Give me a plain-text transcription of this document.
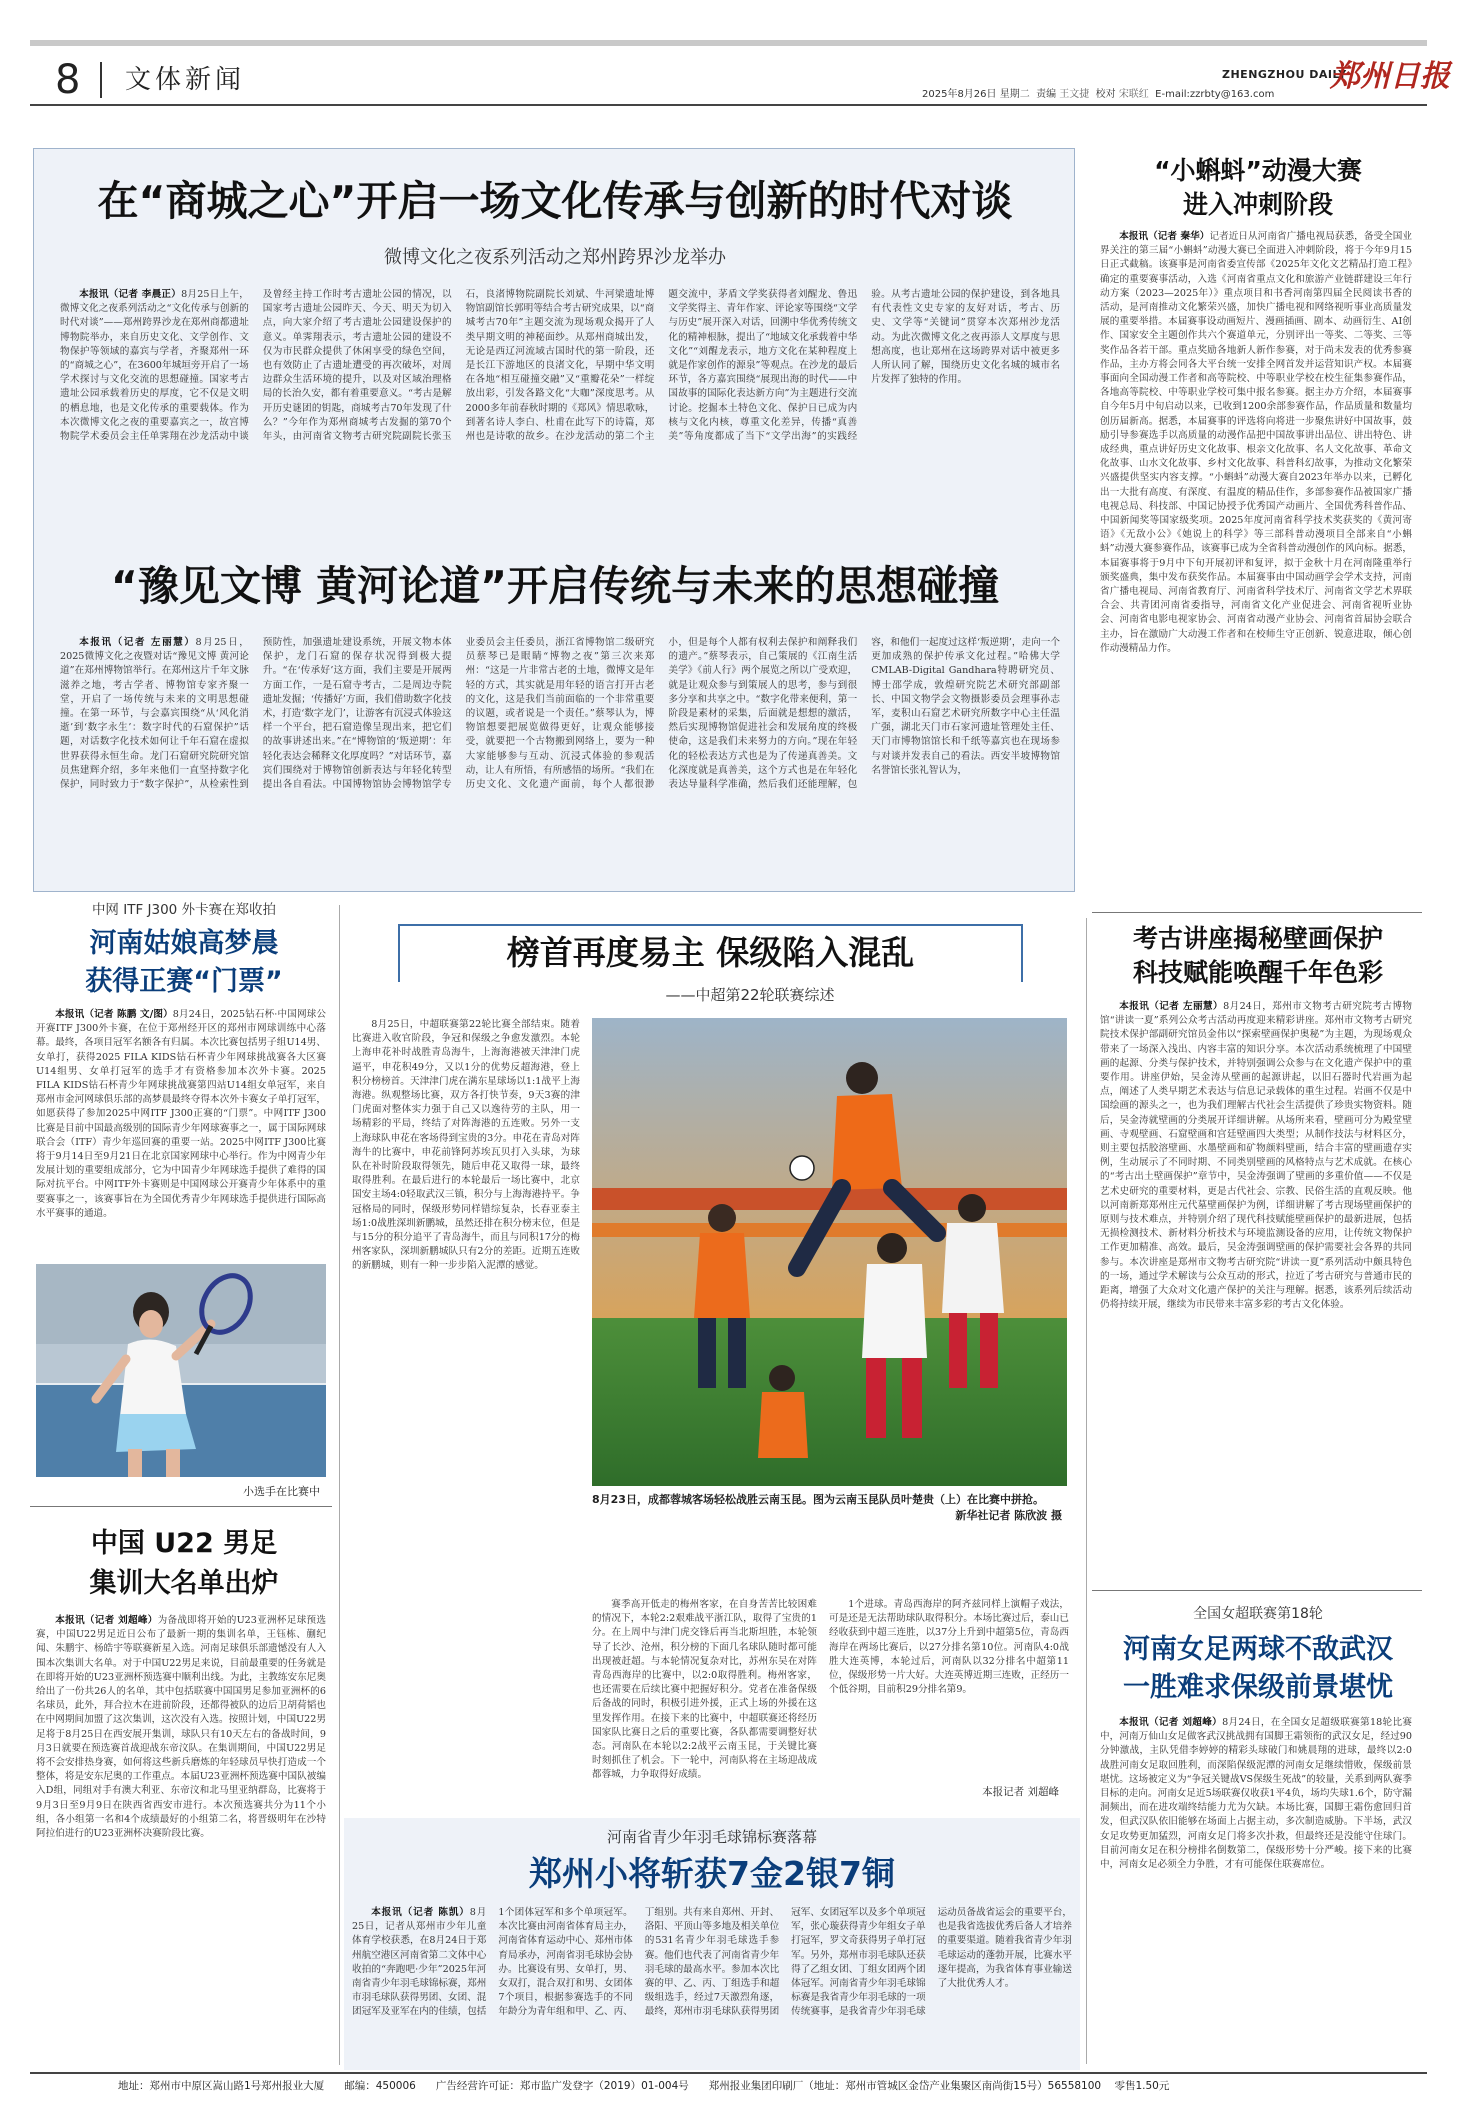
8 文体新闻	2025年8月26日 星期二 责编 王文捷 校对 宋联红 E-mail:zzrbty@163.com
ZHENGZHOU DAILY
郑州日报
在“商城之心”开启一场文化传承与创新的时代对谈
微博文化之夜系列活动之郑州跨界沙龙举办

本报讯（记者 李晨正）8月25日上午，微博文化之夜系列活动之“文化传承与创新的时代对谈”——郑州跨界沙龙在郑州商都遗址博物院举办，来自历史文化、文学创作、文物保护等领域的嘉宾与学者，齐聚郑州一环的“商城之心”，在3600年城垣旁开启了一场学术探讨与文化交流的思想碰撞。国家考古遗址公园承载着历史的厚度，它不仅是文明的栖息地，也是文化传承的重要载体。作为本次微博文化之夜的重要嘉宾之一，故宫博物院学术委员会主任单霁翔在沙龙活动中谈及曾经主持工作时考古遗址公园的情况，以国家考古遗址公园昨天、今天、明天为切入点，向大家介绍了考古遗址公园建设保护的意义。单霁翔表示，考古遗址公园的建设不仅为市民群众提供了休闲享受的绿色空间，也有效防止了古遗址遭受的再次破坏，对周边群众生活环境的提升，以及对区域治理格局的长治久安，都有着重要意义。“考古是解开历史谜团的钥匙，商城考古70年发现了什么？”今年作为郑州商城考古发掘的第70个年头，由河南省文物考古研究院副院长张玉石，良渚博物院副院长刘斌、牛河梁遗址博物馆副馆长郭明等结合考古研究成果，以“商城考古70年”主题交流为现场观众揭开了人类早期文明的神秘面纱。从郑州商城出发，无论是西辽河流域古国时代的第一阶段，还是长江下游地区的良渚文化，早期中华文明在各地“相互碰撞交融”又“重瓣花朵”一样绽放出彩，引发各路文化“大咖”深度思考。从2000多年前春秋时期的《郑风》情思歌咏，到著名诗人李白、杜甫在此写下的诗篇，郑州也是诗歌的故乡。在沙龙活动的第二个主题交流中，茅盾文学奖获得者刘醒龙、鲁迅文学奖得主、青年作家、评论家等围绕“文学与历史”展开深入对话，回溯中华优秀传统文化的精神根脉，提出了“地域文化承载着中华文化”“刘醒龙表示，地方文化在某种程度上就是作家创作的源泉”等观点。在沙龙的最后环节，各方嘉宾围绕“展现出海的时代——中国故事的国际化表达新方向”为主题进行交流讨论。挖掘本土特色文化、保护日已成为内核与文化内核，尊重文化差异，传播“真善美”等角度都成了当下“文学出海”的实践经验。从考古遗址公园的保护建设，到各地具有代表性文史专家的友好对话，考古、历史、文学等“关键词”贯穿本次郑州沙龙活动。为此次微博文化之夜再添人文厚度与思想高度，也让郑州在这场跨界对话中被更多人所认同了解，围绕历史文化名城的城市名片发挥了独特的作用。

“豫见文博 黄河论道”开启传统与未来的思想碰撞

本报讯（记者 左丽慧）8月25日，2025微博文化之夜暨对话“豫见文博 黄河论道”在郑州博物馆举行。在郑州这片千年文脉滋养之地，考古学者、博物馆专家齐聚一堂，开启了一场传统与未来的文明思想碰撞。在第一环节，与会嘉宾围绕“从‘风化消逝’到‘数字永生’：数字时代的石窟保护”话题，对话数字化技术如何让千年石窟在虚拟世界获得永恒生命。龙门石窟研究院研究馆员焦建辉介绍，多年来他们一直坚持数字化保护，同时致力于“数字保护”，从检索性到预防性，加强遗址建设系统，开展文物本体保护，龙门石窟的保存状况得到极大提升。“在‘传承好’这方面，我们主要是开展两方面工作，一是石窟寺考古，二是周边寺院遗址发掘；‘传播好’方面，我们借助数字化技术，打造‘数字龙门’，让游客有沉浸式体验这样一个平台，把石窟造像呈现出来，把它们的故事讲述出来。”在“博物馆的‘叛逆期’：年轻化表达会稀释文化厚度吗？”对话环节，嘉宾们围绕对于博物馆创新表达与年轻化转型提出各自看法。中国博物馆协会博物馆学专业委员会主任委员，浙江省博物馆二级研究员蔡琴已是眼睛“博物之夜”第三次来郑州：“这是一片非常古老的土地，微博文是年轻的方式，其实就是用年轻的语言打开古老的文化，这是我们当前面临的一个非常重要的议题，或者说是一个责任。”蔡琴认为，博物馆想要把展览做得更好，让观众能够接受，就要把一个古物搬到网络上，要为一种大家能够参与互动、沉浸式体验的参观活动，让人有所悟，有所感悟的场所。“我们在历史文化、文化遗产面前，每个人都很渺小，但是每个人都有权利去保护和阐释我们的遗产。”蔡琴表示，自己策展的《江南生活美学》《前人行》两个展览之所以广受欢迎，就是让观众参与到策展人的思考，参与到很多分享和共享之中。“数字化带来便利，第一阶段是素材的采集，后面就是想想的激活，然后实现博物馆促进社会和发展角度的终极使命，这是我们未来努力的方向。”现在年轻化的轻松表达方式也是为了传递真善美。文化深度就是真善美，这个方式也是在年轻化表达导量科学准确，然后我们还能理解，包容，和他们一起度过这样‘叛逆期’，走向一个更加成熟的保护传承文化过程。”哈佛大学CMLAB-Digital Gandhara特聘研究员、博士邵学成，敦煌研究院艺术研究部副部长、中国文物学会文物摄影委员会理事孙志军，麦积山石窟艺术研究所数字中心主任温广强，湖北天门市石家河遗址管理处主任、天门市博物馆馆长和千纸等嘉宾也在现场参与对谈并发表自己的看法。西安半坡博物馆名誉馆长张礼智认为，

“小蝌蚪”动漫大赛
进入冲刺阶段

本报讯（记者 秦华）记者近日从河南省广播电视局获悉，备受全国业界关注的第三届“小蝌蚪”动漫大赛已全面进入冲刺阶段，将于今年9月15日正式截稿。该赛事是河南省委宣传部《2025年文化文艺精品打造工程》确定的重要赛事活动，入选《河南省重点文化和旅游产业链群建设三年行动方案（2023—2025年）》重点项目和书香河南第四届全民阅读书香的活动，是河南推动文化繁荣兴盛，加快广播电视和网络视听事业高质量发展的重要举措。本届赛事设动画短片、漫画插画、剧本、动画衍生、AI创作、国家安全主题创作共六个赛道单元，分别评出一等奖、二等奖、三等奖作品各若干部。重点奖励各地新人新作参赛，对于尚未发表的优秀参赛作品，主办方将会同各大平台统一安排全网首发并运营知识产权。本届赛事面向全国动漫工作者和高等院校、中等职业学校在校生征集参赛作品，各地高等院校、中等职业学校可集中报名参赛。据主办方介绍，本届赛事自今年5月中旬启动以来，已收到1200余部参赛作品，作品质量和数量均创历届新高。据悉，本届赛事的评选将向将进一步聚焦讲好中国故事，鼓励引导参赛选手以高质量的动漫作品把中国故事讲出品位、讲出特色、讲成经典，重点讲好历史文化故事、根亲文化故事、名人文化故事、革命文化故事、山水文化故事、乡村文化故事、科普科幻故事，为推动文化繁荣兴盛提供坚实内容支撑。“小蝌蚪”动漫大赛自2023年举办以来，已孵化出一大批有高度、有深度、有温度的精品佳作，多部参赛作品被国家广播电视总局、科技部、中国记协授予优秀国产动画片、全国优秀科普作品、中国新闻奖等国家级奖项。2025年度河南省科学技术奖获奖的《黄河寄语》《无敌小公》《她说上的科学》等三部科普动漫项目全部来自“小蝌蚪”动漫大赛参赛作品，该赛事已成为全省科普动漫创作的风向标。据悉，本届赛事将于9月中下旬开展初评和复评，拟于金秋十月在河南隆重举行颁奖盛典，集中发布获奖作品。本届赛事由中国动画学会学术支持，河南省广播电视局、河南省教育厅、河南省科学技术厅、河南省文学艺术界联合会、共青团河南省委指导，河南省文化产业促进会、河南省视听业协会、河南省电影电视家协会、河南省动漫产业协会、河南省首届协会联合主办，旨在激励广大动漫工作者和在校师生守正创新、锐意进取，倾心创作动漫精品力作。

中网 ITF J300 外卡赛在郑收拍
河南姑娘高梦晨
获得正赛“门票”

本报讯（记者 陈鹏 文/图）8月24日，2025钻石杯·中国网球公开赛ITF J300外卡赛，在位于郑州经开区的郑州市网球训练中心落幕。最终，各项目冠军名额各有归属。本次比赛包括男子组U14男、女单打，获得2025 FILA KIDS钻石杯青少年网球挑战赛各大区赛U14组男、女单打冠军的选手才有资格参加本次外卡赛。2025 FILA KIDS钻石杯青少年网球挑战赛第四站U14组女单冠军，来自郑州市金河网球俱乐部的高梦晨最终夺得本次外卡赛女子单打冠军，如愿获得了参加2025中网ITF J300正赛的“门票”。中网ITF J300比赛是目前中国最高级别的国际青少年网球赛事之一，属于国际网球联合会（ITF）青少年巡回赛的重要一站。2025中网ITF J300比赛将于9月14日至9月21日在北京国家网球中心举行。作为中网青少年发展计划的重要组成部分，它为中国青少年网球选手提供了难得的国际对抗平台。中网ITF外卡赛则是中国网球公开赛青少年体系中的重要赛事之一，该赛事旨在为全国优秀青少年网球选手提供进行国际高水平赛事的通道。

小选手在比赛中
中国 U22 男足
集训大名单出炉

本报讯（记者 刘超峰）为备战即将开始的U23亚洲杯足球预选赛，中国U22男足近日公布了最新一期的集训名单，王钰栋、蒯纪闻、朱鹏宇、杨皓宇等联赛新星入选。河南足球俱乐部遗憾没有人入围本次集训大名单。对于中国U22男足来说，目前最重要的任务就是在即将开始的U23亚洲杯预选赛中顺利出线。为此，主教练安东尼奥给出了一份共26人的名单，其中包括联赛中国国男足参加亚洲杯的6名球员，此外，拜合拉木在进前阶段，还都得被队的边后卫胡荷韬也在中网期间加盟了这次集训，这次没有入选。按照计划，中国U22男足将于8月25日在西安展开集训，球队只有10天左右的备战时间，9月3日就要在预选赛首战迎战东帝汶队。在集训期间，中国U22男足将不会安排热身赛，如何将这些新兵磨炼的年轻球员早快打造成一个整体，将是安东尼奥的工作重点。本届U23亚洲杯预选赛中国队被编入D组，同组对手有澳大利亚、东帝汶和北马里亚纳群岛，比赛将于9月3日至9月9日在陕西省西安市进行。本次预选赛共分为11个小组，各小组第一名和4个成绩最好的小组第二名，将晋级明年在沙特阿拉伯进行的U23亚洲杯决赛阶段比赛。

榜首再度易主 保级陷入混乱
——中超第22轮联赛综述

8月25日，中超联赛第22轮比赛全部结束。随着比赛进入收官阶段，争冠和保级之争愈发激烈。本轮上海申花补时战胜青岛海牛，上海海港被天津津门虎逼平，申花积49分，又以1分的优势反超海港，登上积分榜榜首。天津津门虎在满东星球场以1:1战平上海海港。纵观整场比赛，双方各打快节奏，9天3赛的津门虎面对整体实力强于自己又以逸待劳的主队，用一场精彩的平局，终结了对阵海港的五连败。另外一支上海球队申花在客场得到宝贵的3分。申花在青岛对阵海牛的比赛中，申花前锋阿苏埃瓦贝打入头球，为球队在补时阶段取得领先，随后申花又取得一球，最终取得胜利。在最后进行的本轮最后一场比赛中，北京国安主场4:0轻取武汉三镇，积分与上海海港持平。争冠格局的同时，保级形势同样错综复杂，长春亚泰主场1:0战胜深圳新鹏城，虽然还排在积分榜末位，但是与15分的积分追平了青岛海牛，而且与同积17分的梅州客家队，深圳新鹏城队只有2分的差距。近期五连败的新鹏城，则有一种一步步陷入泥潭的感觉。

8月23日，成都蓉城客场轻松战胜云南玉昆。图为云南玉昆队员叶楚贵（上）在比赛中拼抢。
新华社记者 陈欣波 摄

赛季高开低走的梅州客家，在自身苦苦比较困难的情况下，本轮2:2艰难战平浙江队，取得了宝贵的1分。在上周中与津门虎交锋后再当北斯坦胜，本轮领导了长沙、沧州，积分榜的下面几名球队随时都可能出现被赶超。与本轮情况复杂对比，苏州东吴在对阵青岛西海岸的比赛中，以2:0取得胜利。梅州客家，也还需要在后续比赛中把握好积分。党者在准备保级后备战的同时，积极引进外援，正式上场的外援在这里发挥作用。在接下来的比赛中，中超联赛还将经历国家队比赛日之后的重要比赛，各队都需要调整好状态。河南队在本轮以2:2战平云南玉昆，于关键比赛时刻抓住了机会。下一轮中，河南队将在主场迎战成都蓉城，力争取得好成绩。

1个进球。青岛西海岸的阿齐兹同样上演帽子戏法，可是还是无法帮助球队取得积分。本场比赛过后，泰山已经收获到中超三连胜，以37分上升到中超第5位，青岛西海岸在两场比赛后，以27分排名第10位。河南队4:0战胜大连英博，本轮过后，河南队以32分排名中超第11位，保级形势一片大好。大连英博近期三连败，正经历一个低谷期，目前积29分排名第9。

本报记者 刘超峰
河南省青少年羽毛球锦标赛落幕
郑州小将斩获7金2银7铜

本报讯（记者 陈凯）8月25日，记者从郑州市少年儿童体育学校获悉，在8月24日于郑州航空港区河南省第二文体中心收拍的“奔跑吧·少年”2025年河南省青少年羽毛球锦标赛，郑州市羽毛球队获得男团、女团、混团冠军及亚军在内的佳绩，包括1个团体冠军和多个单项冠军。本次比赛由河南省体育局主办，河南省体育运动中心、郑州市体育局承办，河南省羽毛球协会协办。比赛设有男、女单打，男、女双打，混合双打和男、女团体7个项目，根据参赛选手的不同年龄分为青年组和甲、乙、丙、丁组别。共有来自郑州、开封、洛阳、平顶山等多地及相关单位的531名青少年羽毛球选手参赛。他们也代表了河南省青少年羽毛球的最高水平。参加本次比赛的甲、乙、丙、丁组选手和超级组选手，经过7天激烈角逐，最终，郑州市羽毛球队获得男团冠军、女团冠军以及多个单项冠军，张心璇获得青少年组女子单打冠军，罗文奇获得男子单打冠军。另外，郑州市羽毛球队还获得了乙组女团、丁组女团两个团体冠军。河南省青少年羽毛球锦标赛是我省青少年羽毛球的一项传统赛事，是我省青少年羽毛球运动员备战省运会的重要平台，也是我省选拔优秀后备人才培养的重要渠道。随着我省青少年羽毛球运动的蓬勃开展，比赛水平逐年提高，为我省体育事业输送了大批优秀人才。

考古讲座揭秘壁画保护
科技赋能唤醒千年色彩

本报讯（记者 左丽慧）8月24日，郑州市文物考古研究院考古博物馆“讲读一夏”系列公众考古活动再度迎来精彩讲座。郑州市文物考古研究院技术保护部副研究馆员金伟以“探索壁画保护奥秘”为主题，为现场观众带来了一场深入浅出、内容丰富的知识分享。本次活动系统梳理了中国壁画的起源、分类与保护技术，并特别强调公众参与在文化遗产保护中的重要作用。讲座伊始，吴金涛从壁画的起源讲起，以旧石器时代岩画为起点，阐述了人类早期艺术表达与信息记录载体的重生过程。岩画不仅是中国绘画的源头之一，也为我们理解古代社会生活提供了珍贵实物资料。随后，吴金涛就壁画的分类展开详细讲解。从场所来看，壁画可分为殿堂壁画、寺观壁画、石窟壁画和宫廷壁画四大类型；从制作技法与材料区分，则主要包括胶溶壁画、水墨壁画和矿物颜料壁画，结合丰富的壁画遗存实例，生动展示了不同时期、不同类别壁画的风格特点与艺术成就。在核心的“考古出土壁画保护”章节中，吴金涛强调了壁画的多重价值——不仅是艺术史研究的重要材料，更是古代社会、宗教、民俗生活的直观反映。他以河南新郑郑州庄元代墓壁画保护为例，详细讲解了考古现场壁画保护的原则与技术难点，并特别介绍了现代科技赋能壁画保护的最新进展，包括无损检测技术、新材料分析技术与环境监测设备的应用，让传统文物保护工作更加精准、高效。最后，吴金涛强调壁画的保护需要社会各界的共同参与。本次讲座是郑州市文物考古研究院“讲读一夏”系列活动中颇具特色的一场，通过学术解读与公众互动的形式，拉近了考古研究与普通市民的距离，增强了大众对文化遗产保护的关注与理解。据悉，该系列后续活动仍将持续开展，继续为市民带来丰富多彩的考古文化体验。

全国女超联赛第18轮
河南女足两球不敌武汉
一胜难求保级前景堪忧

本报讯（记者 刘超峰）8月24日，在全国女足超级联赛第18轮比赛中，河南万仙山女足做客武汉挑战拥有国脚王霜领衔的武汉女足，经过90分钟激战，主队凭借李婷婷的精彩头球破门和姚晨翔的进球，最终以2:0战胜河南女足取回胜利，而深陷保级泥潭的河南女足继续惜败，保级前景堪忧。这场被定义为“争冠关键战VS保级生死战”的较量，关系到两队赛季目标的走向。河南女足近5场联赛仅收获1平4负，场均失球1.6个，防守漏洞频出，而在进攻端终结能力尤为欠缺。本场比赛，国脚王霜伤愈回归首发，但武汉队依旧能够在场面上占据主动，多次制造威胁。下半场，武汉女足攻势更加猛烈，河南女足门将多次扑救，但最终还是没能守住球门。目前河南女足在积分榜排名倒数第二，保级形势十分严峻。接下来的比赛中，河南女足必须全力争胜，才有可能保住联赛席位。

地址：郑州市中原区嵩山路1号郑州报业大厦 邮编：450006 广告经营许可证：郑市监广发登字（2019）01-004号 郑州报业集团印刷厂（地址：郑州市管城区金岱产业集聚区南尚街15号）56558100 零售1.50元
